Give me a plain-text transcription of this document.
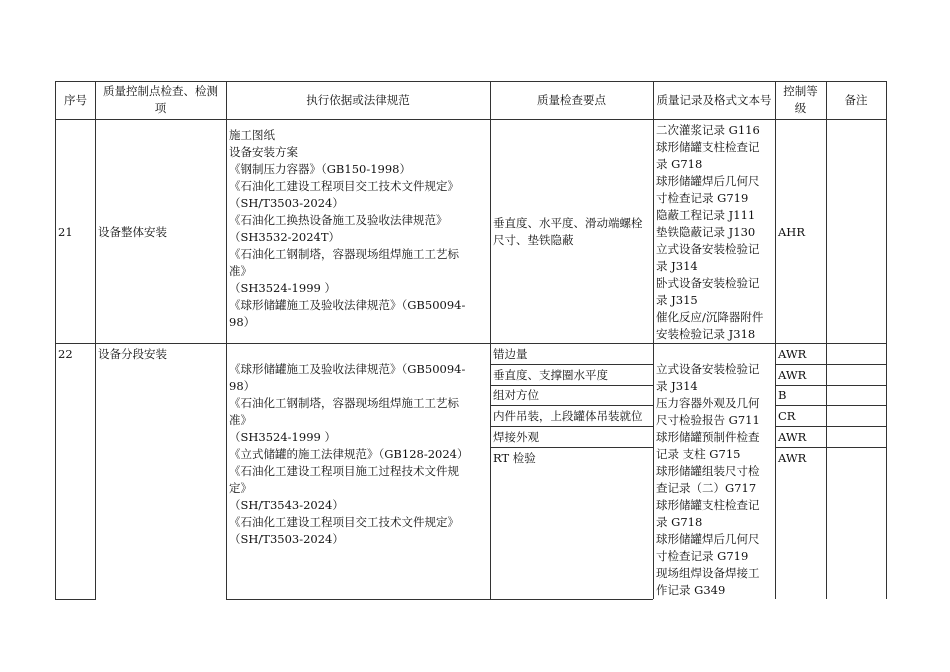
序号
质量控制点检查、检测
项
执行依据或法律规范	质量检查要点	质量记录及格式文本号
控制等
级
备注
21 设备整体安装
施工图纸
设备安装方案
《钢制压力容器》（GB150-1998）
《石油化工建设工程项目交工技术文件规定》
（SH/T3503-2024）
《石油化工换热设备施工及验收法律规范》
（SH3532-2024T）
《石油化工钢制塔，容器现场组焊施工工艺标
准》
（SH3524-1999 ）
《球形储罐施工及验收法律规范》（GB50094-
98）
垂直度、水平度、滑动端螺栓
尺寸、垫铁隐蔽
二次灌浆记录 G116
球形储罐支柱检查记
录 G718
球形储罐焊后几何尺
寸检查记录 G719
隐蔽工程记录 J111
垫铁隐蔽记录 J130
立式设备安装检验记
录 J314
卧式设备安装检验记
录 J315
催化反应/沉降器附件
安装检验记录 J318
AHR
22 设备分段安装
《球形储罐施工及验收法律规范》（GB50094-
98）
《石油化工钢制塔，容器现场组焊施工工艺标
准》
（SH3524-1999 ）
《立式储罐的施工法律规范》（GB128-2024）
《石油化工建设工程项目施工过程技术文件规
定》
（SH/T3543-2024）
《石油化工建设工程项目交工技术文件规定》
（SH/T3503-2024）
错边量
垂直度、支撑圈水平度
组对方位
内件吊装，上段罐体吊装就位
焊接外观
RT 检验
立式设备安装检验记
录 J314
压力容器外观及几何
尺寸检验报告 G711
球形储罐预制件检查
记录 支柱 G715
球形储罐组装尺寸检
查记录（二）G717
球形储罐支柱检查记
录 G718
球形储罐焊后几何尺
寸检查记录 G719
现场组焊设备焊接工
作记录 G349
AWR
AWR
B
CR
AWR
AWR
